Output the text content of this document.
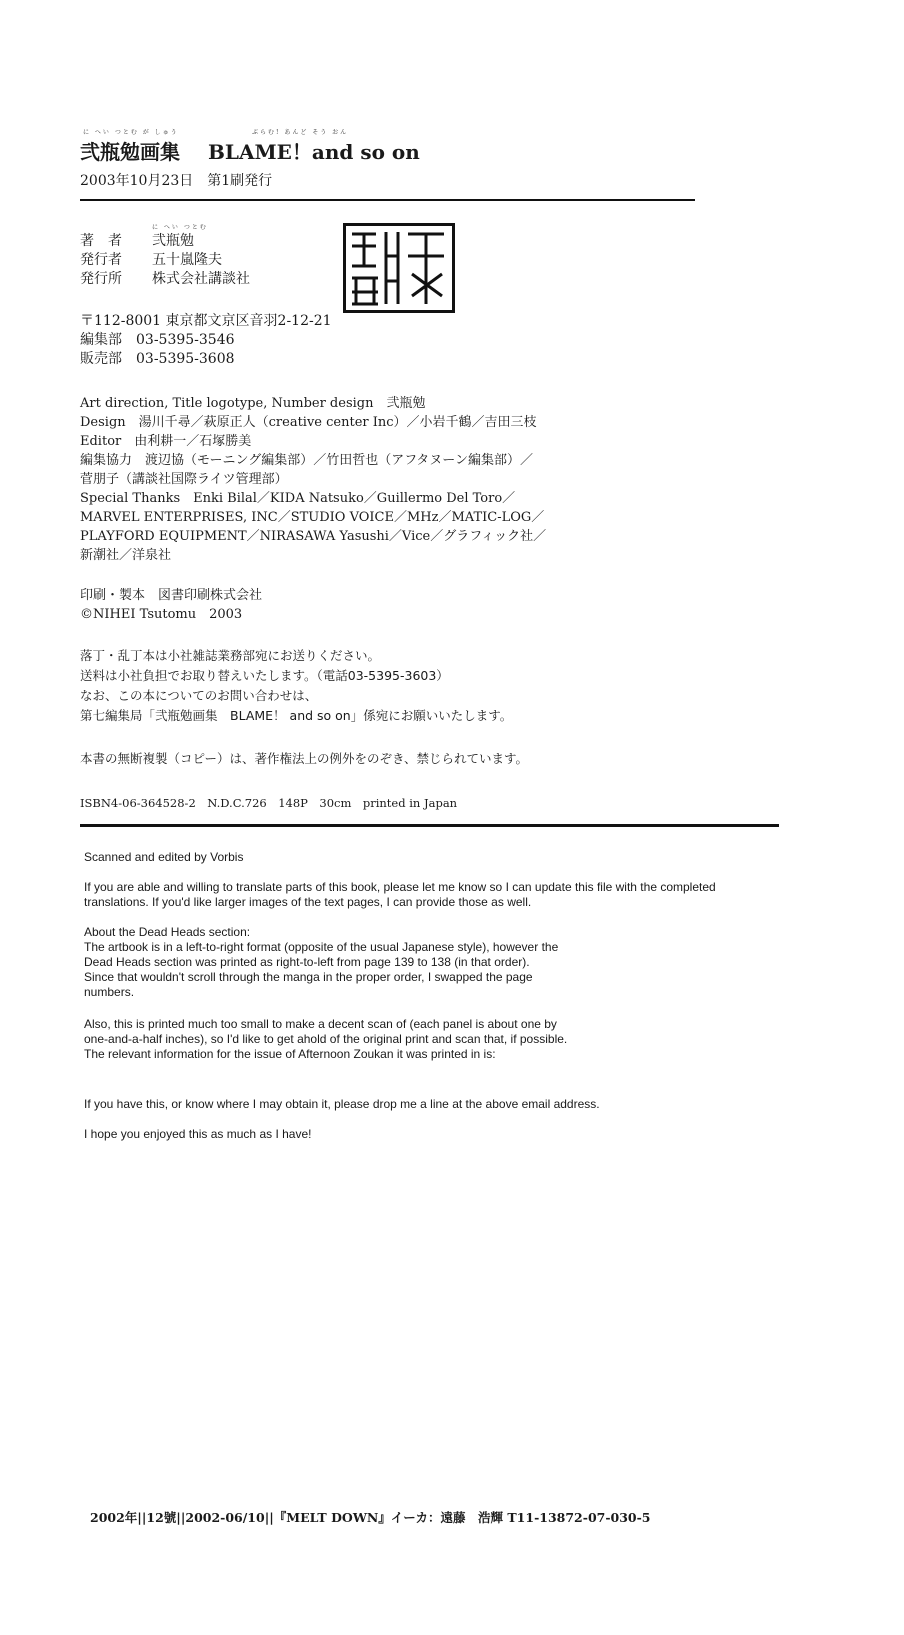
に へい つとむ が しゅう	ぶらむ! あんど そう おん
弐瓶勉画集 BLAME！and so on
2003年10月23日　第1刷発行
に へい つとむ
著　者 弐瓶勉
発行者 五十嵐隆夫
発行所 株式会社講談社
〒112-8001 東京都文京区音羽2-12-21
編集部　03-5395-3546
販売部　03-5395-3608
Art direction, Title logotype, Number design　弐瓶勉
Design　湯川千尋／萩原正人（creative center Inc）／小岩千鶴／吉田三枝
Editor　由利耕一／石塚勝美
編集協力　渡辺協（モーニング編集部）／竹田哲也（アフタヌーン編集部）／
菅朋子（講談社国際ライツ管理部）
Special Thanks　Enki Bilal／KIDA Natsuko／Guillermo Del Toro／
MARVEL ENTERPRISES, INC／STUDIO VOICE／MHz／MATIC-LOG／
PLAYFORD EQUIPMENT／NIRASAWA Yasushi／Vice／グラフィック社／
新潮社／洋泉社
印刷・製本　図書印刷株式会社
©NIHEI Tsutomu　2003
落丁・乱丁本は小社雑誌業務部宛にお送りください。
送料は小社負担でお取り替えいたします。（電話03-5395-3603）
なお、この本についてのお問い合わせは、
第七編集局「弐瓶勉画集　BLAME！ and so on」係宛にお願いいたします。
本書の無断複製（コピー）は、著作権法上の例外をのぞき、禁じられています。
ISBN4-06-364528-2　N.D.C.726　148P　30cm　printed in Japan
Scanned and edited by Vorbis
If you are able and willing to translate parts of this book, please let me know so I can update this file with the completed translations. If you'd like larger images of the text pages, I can provide those as well.
About the Dead Heads section:
The artbook is in a left-to-right format (opposite of the usual Japanese style), however the
Dead Heads section was printed as right-to-left from page 139 to 138 (in that order).
Since that wouldn't scroll through the manga in the proper order, I swapped the page
numbers.
Also, this is printed much too small to make a decent scan of (each panel is about one by
one-and-a-half inches), so I'd like to get ahold of the original print and scan that, if possible.
The relevant information for the issue of Afternoon Zoukan it was printed in is:
If you have this, or know where I may obtain it, please drop me a line at the above email address.
I hope you enjoyed this as much as I have!
2002年||12號||2002-06/10||『MELT DOWN』イーカ：遠藤　浩輝 T11-13872-07-030-5
